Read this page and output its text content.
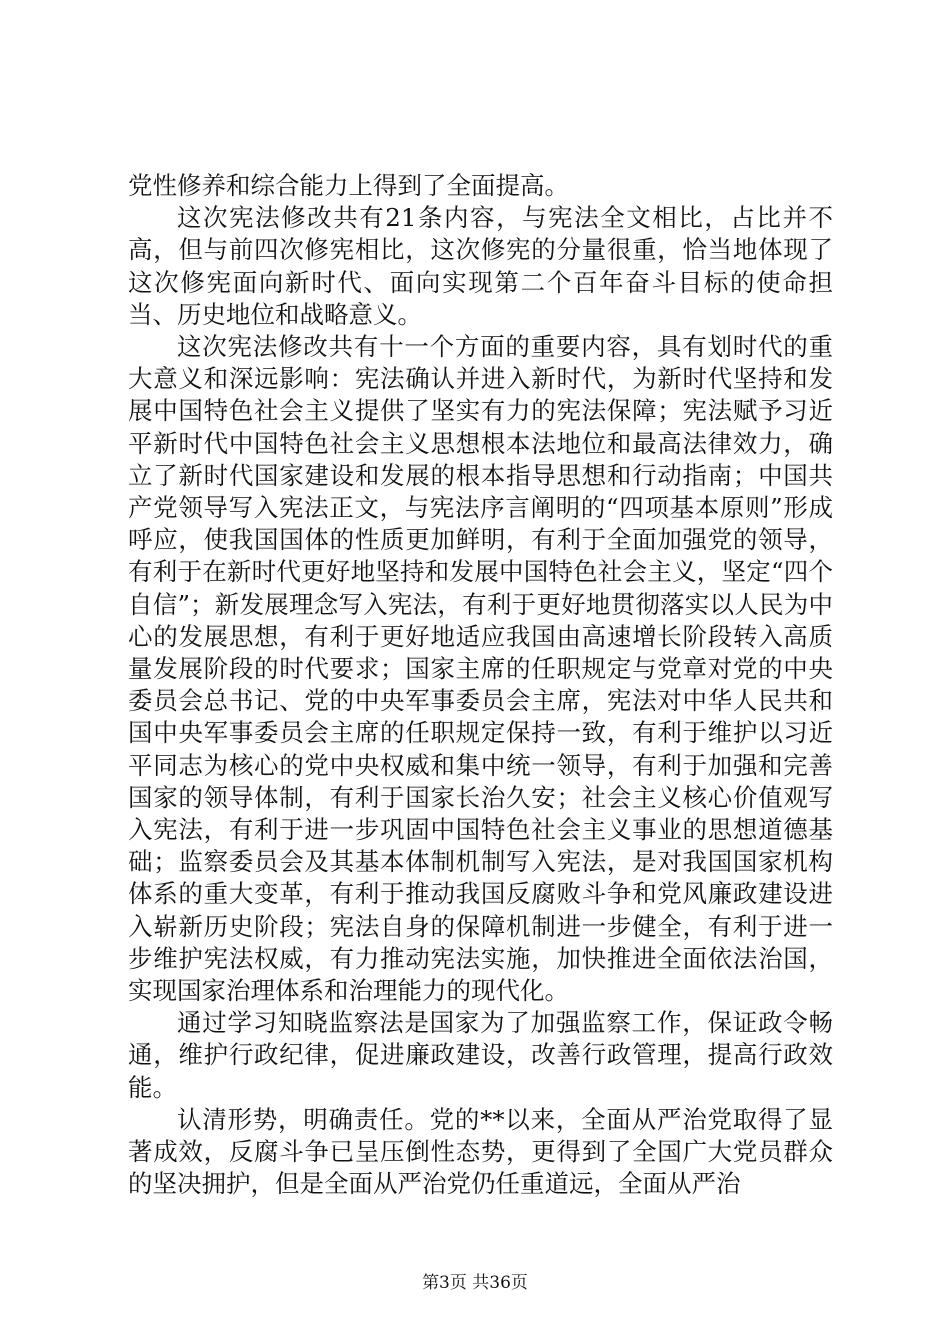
党性修养和综合能力上得到了全面提高。

这次宪法修改共有21条内容，与宪法全文相比，占比并不高，但与前四次修宪相比，这次修宪的分量很重，恰当地体现了这次修宪面向新时代、面向实现第二个百年奋斗目标的使命担当、历史地位和战略意义。

这次宪法修改共有十一个方面的重要内容，具有划时代的重大意义和深远影响：宪法确认并进入新时代，为新时代坚持和发展中国特色社会主义提供了坚实有力的宪法保障；宪法赋予习近平新时代中国特色社会主义思想根本法地位和最高法律效力，确立了新时代国家建设和发展的根本指导思想和行动指南；中国共产党领导写入宪法正文，与宪法序言阐明的“四项基本原则”形成呼应，使我国国体的性质更加鲜明，有利于全面加强党的领导，有利于在新时代更好地坚持和发展中国特色社会主义，坚定“四个自信”；新发展理念写入宪法，有利于更好地贯彻落实以人民为中心的发展思想，有利于更好地适应我国由高速增长阶段转入高质量发展阶段的时代要求；国家主席的任职规定与党章对党的中央委员会总书记、党的中央军事委员会主席，宪法对中华人民共和国中央军事委员会主席的任职规定保持一致，有利于维护以习近平同志为核心的党中央权威和集中统一领导，有利于加强和完善国家的领导体制，有利于国家长治久安；社会主义核心价值观写入宪法，有利于进一步巩固中国特色社会主义事业的思想道德基础；监察委员会及其基本体制机制写入宪法，是对我国国家机构体系的重大变革，有利于推动我国反腐败斗争和党风廉政建设进入崭新历史阶段；宪法自身的保障机制进一步健全，有利于进一步维护宪法权威，有力推动宪法实施，加快推进全面依法治国，实现国家治理体系和治理能力的现代化。

通过学习知晓监察法是国家为了加强监察工作，保证政令畅通，维护行政纪律，促进廉政建设，改善行政管理，提高行政效能。

认清形势，明确责任。党的**以来，全面从严治党取得了显著成效，反腐斗争已呈压倒性态势，更得到了全国广大党员群众的坚决拥护，但是全面从严治党仍任重道远，全面从严治

第3页 共36页
